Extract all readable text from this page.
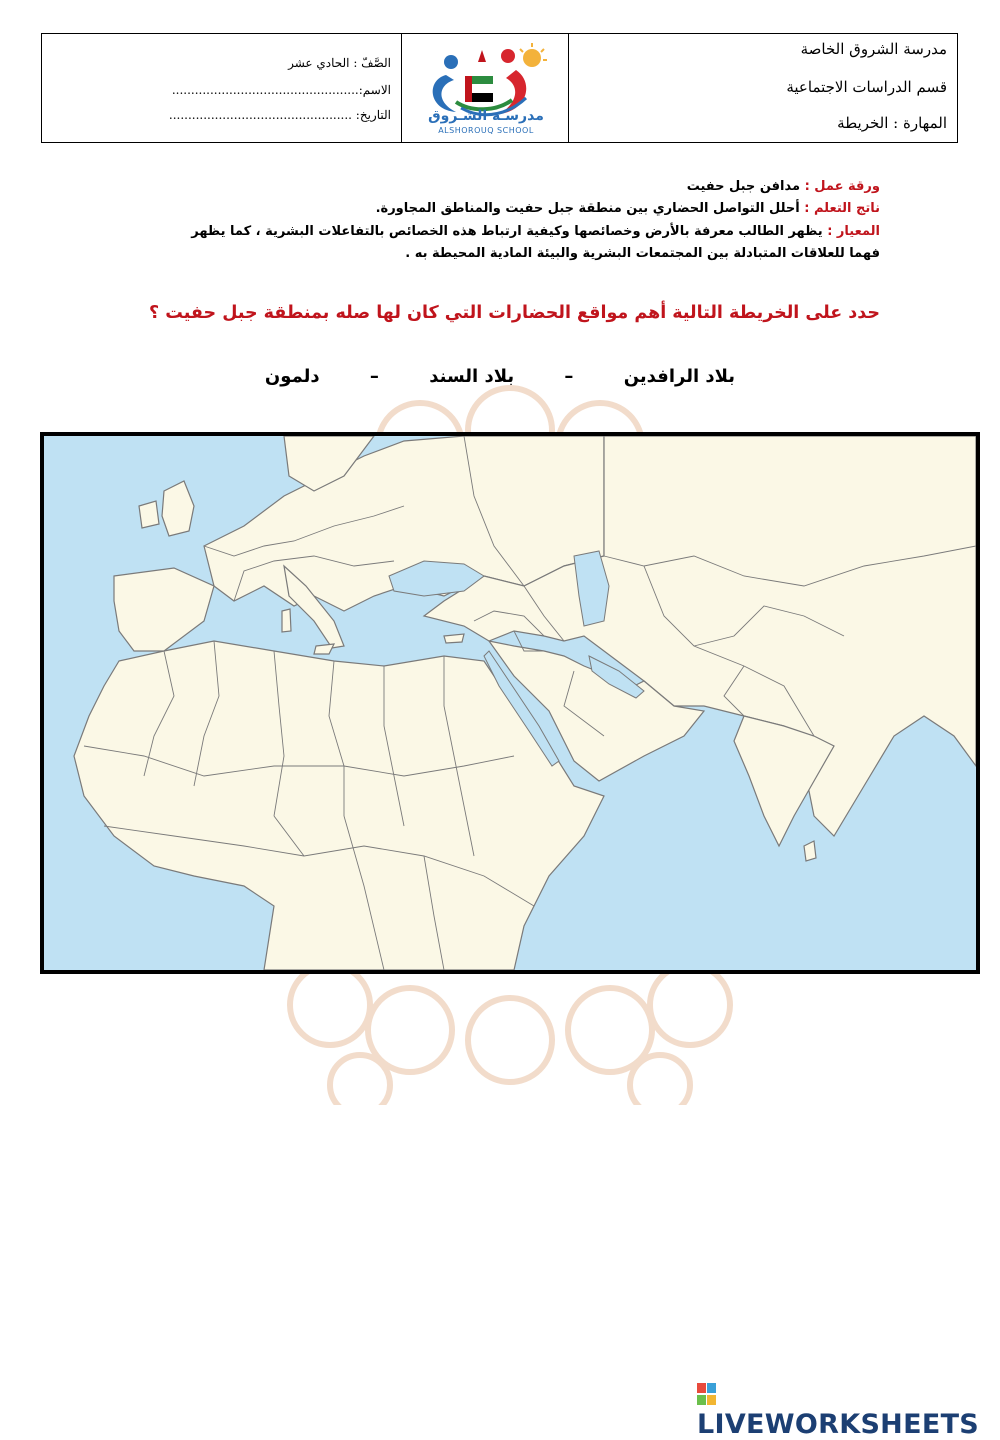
الصَّفّ : الحادي عشر
الاسم:.................................................
التاريخ: ................................................	مدرسـة الشـروق
ALSHOROUQ SCHOOL
مدرسة الشروق الخاصة
قسم الدراسات الاجتماعية
المهارة : الخريطة
ورقة عمل : مدافن جبل حفيت
ناتج التعلم : أحلل التواصل الحضاري بين منطقة جبل حفيت والمناطق المجاورة.
المعيار : يظهر الطالب معرفة بالأرض وخصائصها وكيفية ارتباط هذه الخصائص بالتفاعلات البشرية ، كما يظهر
فهما للعلاقات المتبادلة بين المجتمعات البشرية والبيئة المادية المحيطة به .
حدد على الخريطة التالية أهم مواقع الحضارات التي كان لها صله بمنطقة جبل حفيت ؟
بلاد الرافدين – بلاد السند – دلمون
LIVEWORKSHEETS
